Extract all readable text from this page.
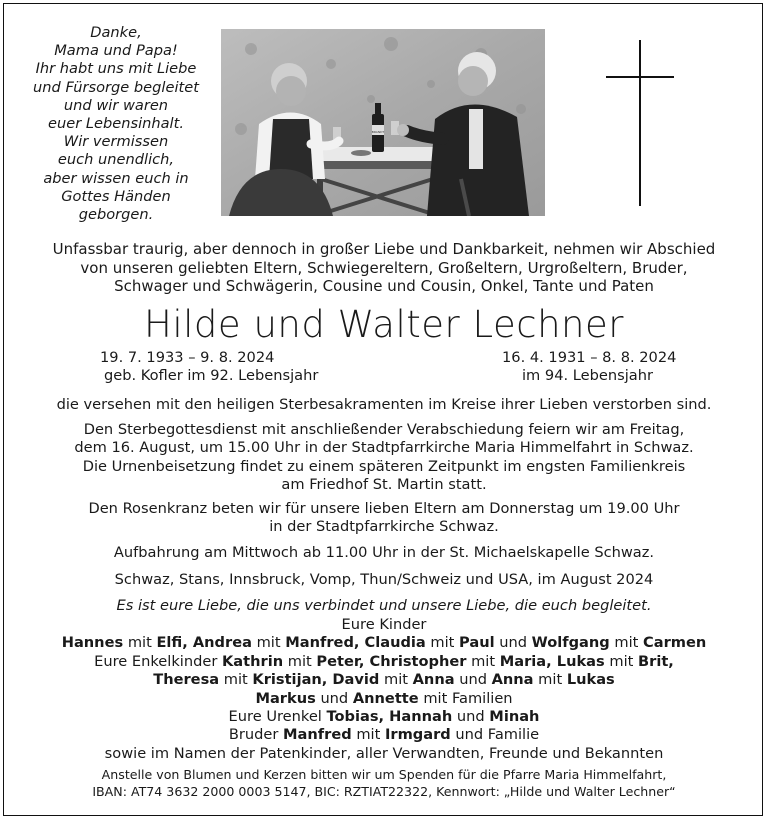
Danke,
Mama und Papa!
Ihr habt uns mit Liebe
und Fürsorge begleitet
und wir waren
euer Lebensinhalt.
Wir vermissen
euch unendlich,
aber wissen euch in
Gottes Händen
geborgen.
BRANDT
Unfassbar traurig, aber dennoch in großer Liebe und Dankbarkeit, nehmen wir Abschied
von unseren geliebten Eltern, Schwiegereltern, Großeltern, Urgroßeltern, Bruder,
Schwager und Schwägerin, Cousine und Cousin, Onkel, Tante und Paten
Hilde und Walter Lechner
19. 7. 1933 – 9. 8. 2024
geb. Kofler im 92. Lebensjahr
16. 4. 1931 – 8. 8. 2024
im 94. Lebensjahr
die versehen mit den heiligen Sterbesakramenten im Kreise ihrer Lieben verstorben sind.
Den Sterbegottesdienst mit anschließender Verabschiedung feiern wir am Freitag,
dem 16. August, um 15.00 Uhr in der Stadtpfarrkirche Maria Himmelfahrt in Schwaz.
Die Urnenbeisetzung findet zu einem späteren Zeitpunkt im engsten Familienkreis
am Friedhof St. Martin statt.
Den Rosenkranz beten wir für unsere lieben Eltern am Donnerstag um 19.00 Uhr
in der Stadtpfarrkirche Schwaz.
Aufbahrung am Mittwoch ab 11.00 Uhr in der St. Michaelskapelle Schwaz.
Schwaz, Stans, Innsbruck, Vomp, Thun/Schweiz und USA, im August 2024
Es ist eure Liebe, die uns verbindet und unsere Liebe, die euch begleitet.
Eure Kinder
Hannes mit Elfi, Andrea mit Manfred, Claudia mit Paul und Wolfgang mit Carmen
Eure Enkelkinder Kathrin mit Peter, Christopher mit Maria, Lukas mit Brit,
Theresa mit Kristijan, David mit Anna und Anna mit Lukas
Markus und Annette mit Familien
Eure Urenkel Tobias, Hannah und Minah
Bruder Manfred mit Irmgard und Familie
sowie im Namen der Patenkinder, aller Verwandten, Freunde und Bekannten
Anstelle von Blumen und Kerzen bitten wir um Spenden für die Pfarre Maria Himmelfahrt,
IBAN: AT74 3632 2000 0003 5147, BIC: RZTIAT22322, Kennwort: „Hilde und Walter Lechner“
